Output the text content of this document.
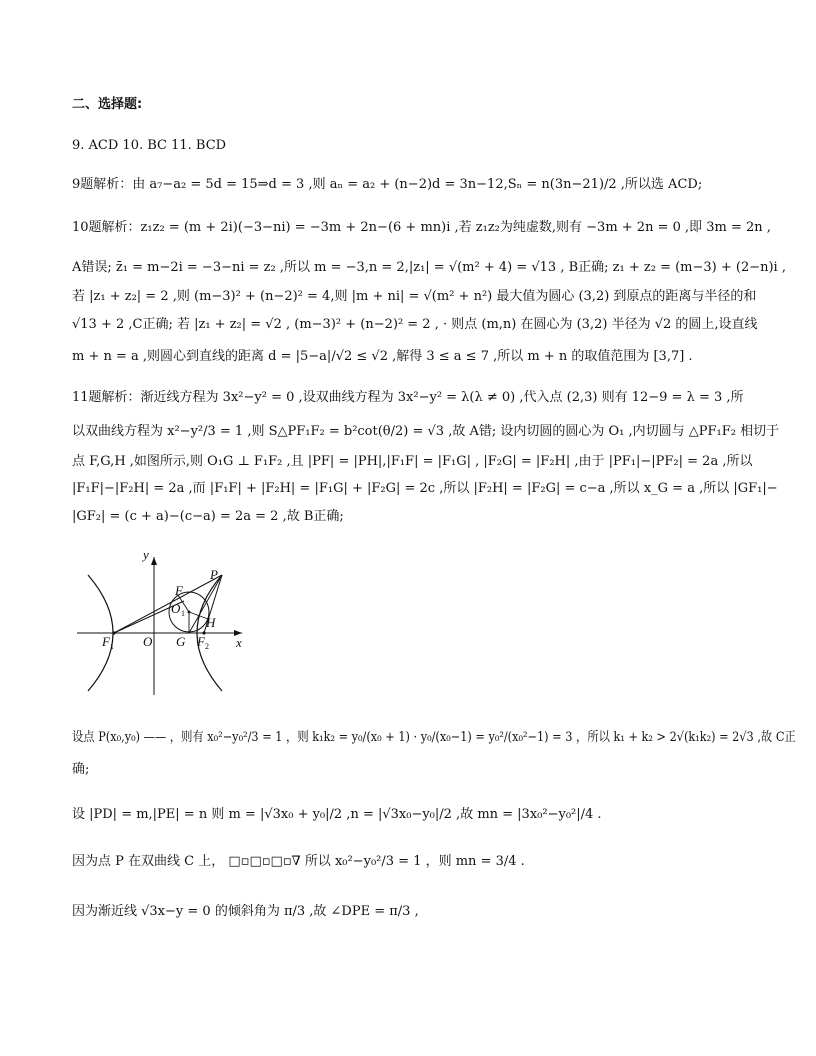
二、选择题:
9. ACD 10. BC 11. BCD
9题解析：由 a₇−a₂ = 5d = 15⇒d = 3 ,则 aₙ = a₂ + (n−2)d = 3n−12,Sₙ = n(3n−21)/2 ,所以选 ACD;
10题解析：z₁z₂ = (m + 2i)(−3−ni) = −3m + 2n−(6 + mn)i ,若 z₁z₂为纯虚数,则有 −3m + 2n = 0 ,即 3m = 2n ,
A错误; z̄₁ = m−2i = −3−ni = z₂ ,所以 m = −3,n = 2,|z₁| = √(m² + 4) = √13 , B正确; z₁ + z₂ = (m−3) + (2−n)i ,
若 |z₁ + z₂| = 2 ,则 (m−3)² + (n−2)² = 4,则 |m + ni| = √(m² + n²) 最大值为圆心 (3,2) 到原点的距离与半径的和
√13 + 2 ,C正确; 若 |z₁ + z₂| = √2 , (m−3)² + (n−2)² = 2 , · 则点 (m,n) 在圆心为 (3,2) 半径为 √2 的圆上,设直线
m + n = a ,则圆心到直线的距离 d = |5−a|/√2 ≤ √2 ,解得 3 ≤ a ≤ 7 ,所以 m + n 的取值范围为 [3,7] .
11题解析：渐近线方程为 3x²−y² = 0 ,设双曲线方程为 3x²−y² = λ(λ ≠ 0) ,代入点 (2,3) 则有 12−9 = λ = 3 ,所
以双曲线方程为 x²−y²/3 = 1 ,则 S△PF₁F₂ = b²cot(θ/2) = √3 ,故 A错; 设内切圆的圆心为 O₁ ,内切圆与 △PF₁F₂ 相切于
点 F,G,H ,如图所示,则 O₁G ⊥ F₁F₂ ,且 |PF| = |PH|,|F₁F| = |F₁G| , |F₂G| = |F₂H| ,由于 |PF₁|−|PF₂| = 2a ,所以
|F₁F|−|F₂H| = 2a ,而 |F₁F| + |F₂H| = |F₁G| + |F₂G| = 2c ,所以 |F₂H| = |F₂G| = c−a ,所以 x_G = a ,所以 |GF₁|−
|GF₂| = (c + a)−(c−a) = 2a = 2 ,故 B正确;
y
x
P
F
O 1
H
F 1 O G F 2
设点 P(x₀,y₀) —— ，则有 x₀²−y₀²/3 = 1 ，则 k₁k₂ = y₀/(x₀ + 1) · y₀/(x₀−1) = y₀²/(x₀²−1) = 3 ，所以 k₁ + k₂ > 2√(k₁k₂) = 2√3 ,故 C正
确;
设 |PD| = m,|PE| = n 则 m = |√3x₀ + y₀|/2 ,n = |√3x₀−y₀|/2 ,故 mn = |3x₀²−y₀²|/4 .
因为点 P 在双曲线 C 上， □▫□▫□▫∇ 所以 x₀²−y₀²/3 = 1 ，则 mn = 3/4 .
因为渐近线 √3x−y = 0 的倾斜角为 π/3 ,故 ∠DPE = π/3 ,
